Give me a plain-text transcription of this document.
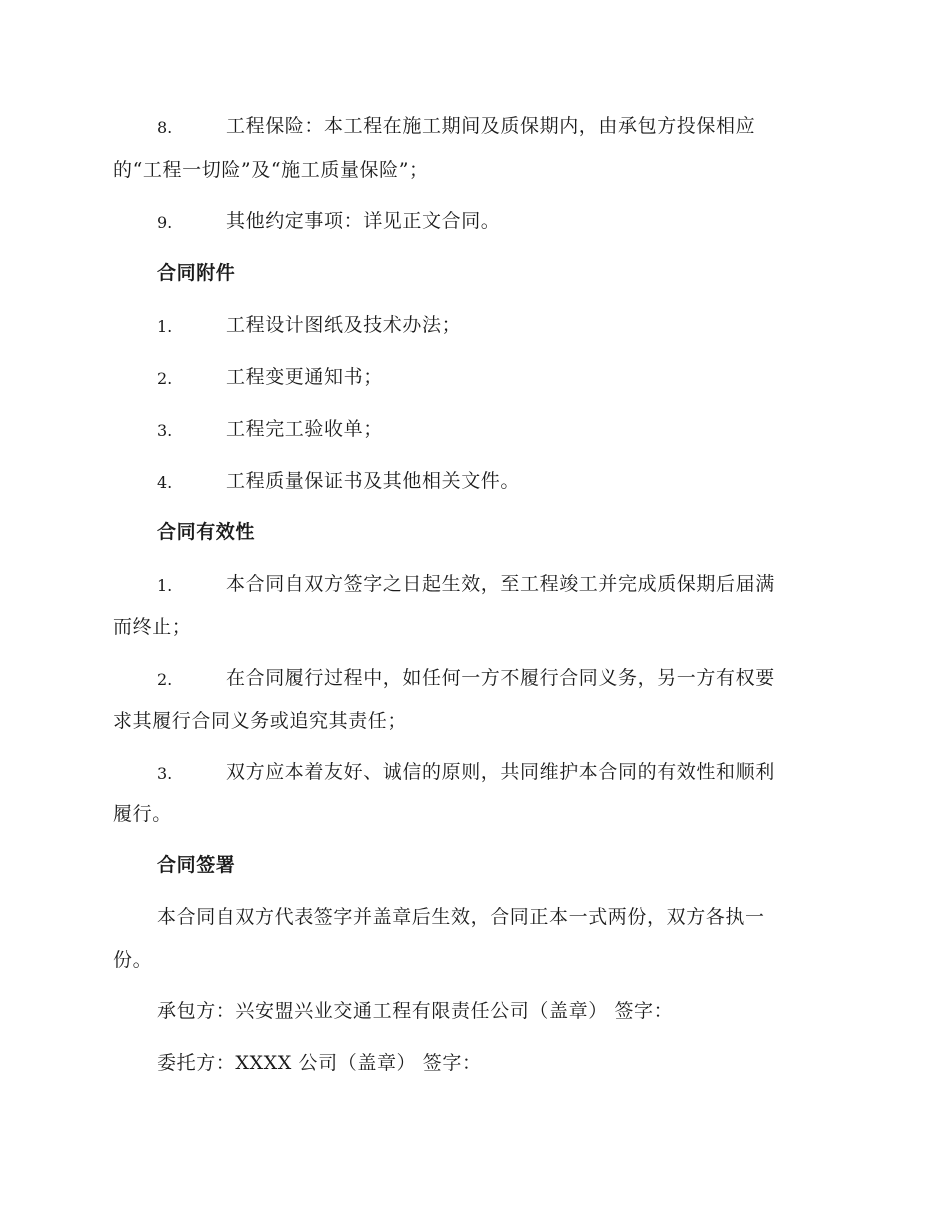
8.	工程保险：本工程在施工期间及质保期内，由承包方投保相应
的“工程一切险”及“施工质量保险”；
9.	其他约定事项：详见正文合同。
合同附件
1.	工程设计图纸及技术办法；
2.	工程变更通知书；
3.	工程完工验收单；
4.	工程质量保证书及其他相关文件。
合同有效性
1.	本合同自双方签字之日起生效，至工程竣工并完成质保期后届满
而终止；
2.	在合同履行过程中，如任何一方不履行合同义务，另一方有权要
求其履行合同义务或追究其责任；
3.	双方应本着友好、诚信的原则，共同维护本合同的有效性和顺利
履行。
合同签署
本合同自双方代表签字并盖章后生效，合同正本一式两份，双方各执一
份。
承包方：兴安盟兴业交通工程有限责任公司（盖章） 签字：
委托方：XXXX 公司（盖章） 签字：
